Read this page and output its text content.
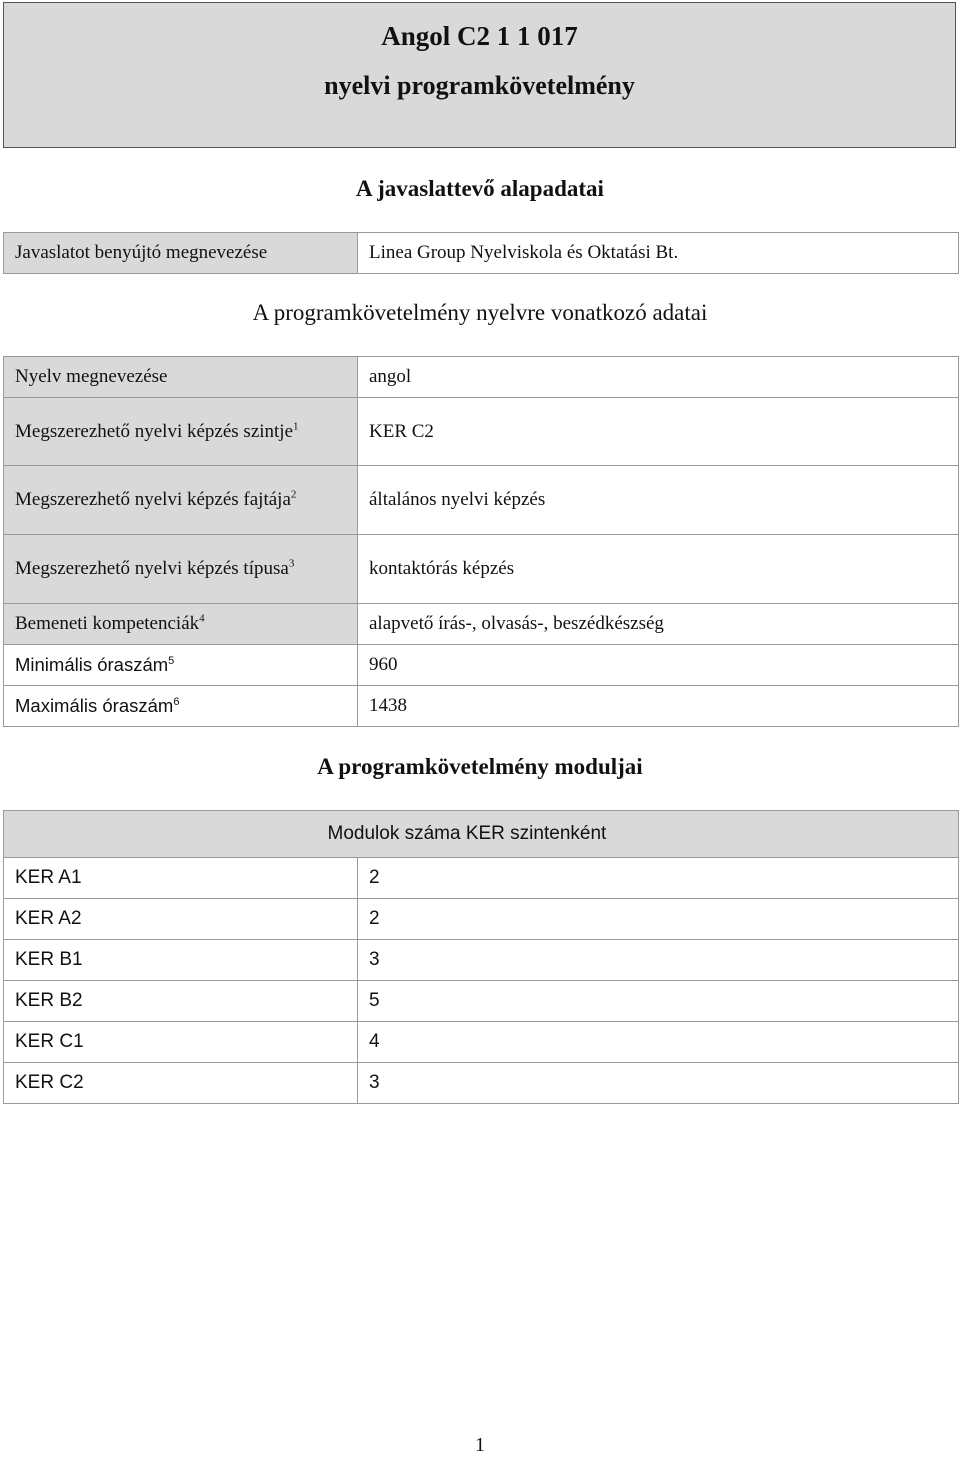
Angol C2 1 1 017
nyelvi programkövetelmény
A javaslattevő alapadatai
Javaslatot benyújtó megnevezése	Linea Group Nyelviskola és Oktatási Bt.
A programkövetelmény nyelvre vonatkozó adatai
Nyelv megnevezése	angol
Megszerezhető nyelvi képzés szintje$^1$	KER C2
Megszerezhető nyelvi képzés fajtája$^2$	általános nyelvi képzés
Megszerezhető nyelvi képzés típusa$^3$	kontaktórás képzés
Bemeneti kompetenciák$^4$	alapvető írás-, olvasás-, beszédkészség
Minimális óraszám$^5$	960
Maximális óraszám$^6$	1438
A programkövetelmény moduljai
	Modulok száma KER szintenként
KER A1	2
KER A2	2
KER B1	3
KER B2	5
KER C1	4
KER C2	3
1
